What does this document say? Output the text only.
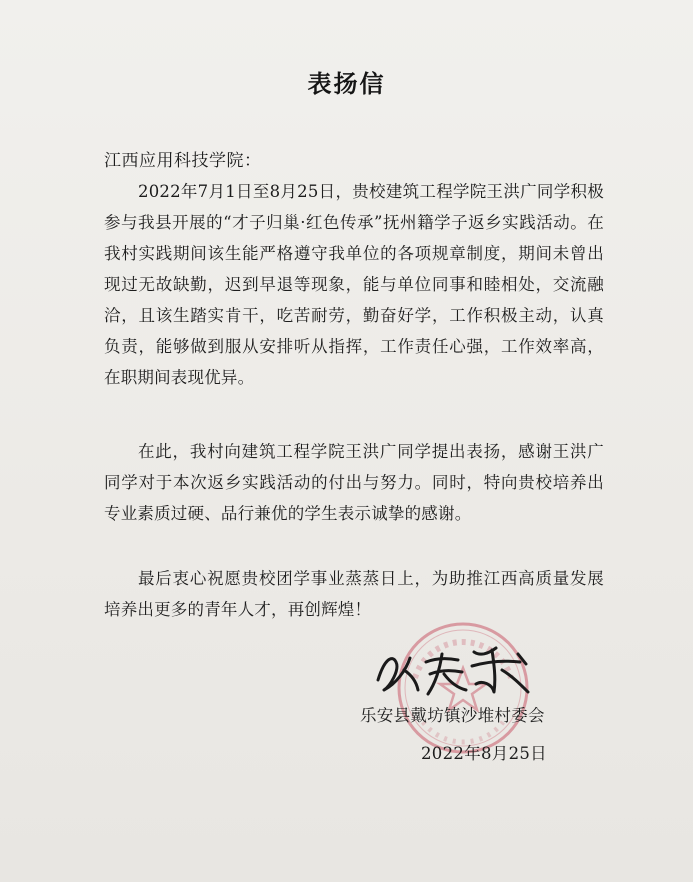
表扬信
江西应用科技学院：
2022年7月1日至8月25日，贵校建筑工程学院王洪广同学积极参与我县开展的“才子归巢·红色传承”抚州籍学子返乡实践活动。在我村实践期间该生能严格遵守我单位的各项规章制度，期间未曾出现过无故缺勤，迟到早退等现象，能与单位同事和睦相处，交流融洽，且该生踏实肯干，吃苦耐劳，勤奋好学，工作积极主动，认真负责，能够做到服从安排听从指挥，工作责任心强，工作效率高，在职期间表现优异。
在此，我村向建筑工程学院王洪广同学提出表扬，感谢王洪广同学对于本次返乡实践活动的付出与努力。同时，特向贵校培养出专业素质过硬、品行兼优的学生表示诚挚的感谢。
最后衷心祝愿贵校团学事业蒸蒸日上，为助推江西高质量发展培养出更多的青年人才，再创辉煌！
乐安县戴坊镇沙堆村委会
2022年8月25日
